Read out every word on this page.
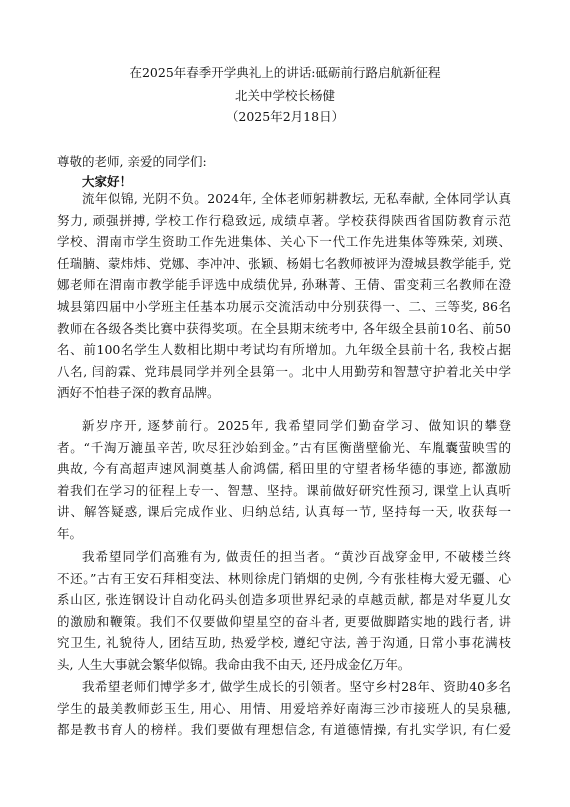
在2025年春季开学典礼上的讲话:砥砺前行路启航新征程
北关中学校长杨健
（2025年2月18日）
尊敬的老师, 亲爱的同学们:
大家好！
流年似锦, 光阴不负。2024年, 全体老师躬耕教坛, 无私奉献, 全体同学认真
努力, 顽强拼搏, 学校工作行稳致远, 成绩卓著。学校获得陕西省国防教育示范
学校、渭南市学生资助工作先进集体、关心下一代工作先进集体等殊荣, 刘瑛、
任瑞腩、蒙炜炜、党娜、李冲冲、张颖、杨娟七名教师被评为澄城县教学能手, 党
娜老师在渭南市教学能手评选中成绩优异, 孙琳菁、王倩、雷变莉三名教师在澄
城县第四届中小学班主任基本功展示交流活动中分别获得一、二、三等奖, 86名
教师在各级各类比赛中获得奖项。在全县期末统考中, 各年级全县前10名、前50
名、前100名学生人数相比期中考试均有所增加。九年级全县前十名, 我校占据
八名, 闫韵霖、党玮晨同学并列全县第一。北中人用勤劳和智慧守护着北关中学
洒好不怕巷子深的教育品牌。
新岁序开, 逐梦前行。2025年, 我希望同学们勤奋学习、做知识的攀登
者。“千淘万漉虽辛苦, 吹尽狂沙始到金。”古有匡衡凿壁偷光、车胤囊萤映雪的
典故, 今有高超声速风洞奠基人俞鸿儒, 稻田里的守望者杨华德的事迹, 都激励
着我们在学习的征程上专一、智慧、坚持。课前做好研究性预习, 课堂上认真听
讲、解答疑惑, 课后完成作业、归纳总结, 认真每一节, 坚持每一天, 收获每一
年。
我希望同学们高雅有为, 做责任的担当者。“黄沙百战穿金甲, 不破楼兰终
不还。”古有王安石拜相变法、林则徐虎门销烟的史例, 今有张桂梅大爱无疆、心
系山区, 张连钢设计自动化码头创造多项世界纪录的卓越贡献, 都是对华夏儿女
的激励和鞭策。我们不仅要做仰望星空的奋斗者, 更要做脚踏实地的践行者, 讲
究卫生, 礼貌待人, 团结互助, 热爱学校, 遵纪守法, 善于沟通, 日常小事花满枝
头, 人生大事就会繁华似锦。我命由我不由天, 还丹成金亿万年。
我希望老师们博学多才, 做学生成长的引领者。坚守乡村28年、资助40多名
学生的最美教师彭玉生, 用心、用情、用爱培养好南海三沙市接班人的吴泉穗,
都是教书育人的榜样。我们要做有理想信念, 有道德情操, 有扎实学识, 有仁爱
